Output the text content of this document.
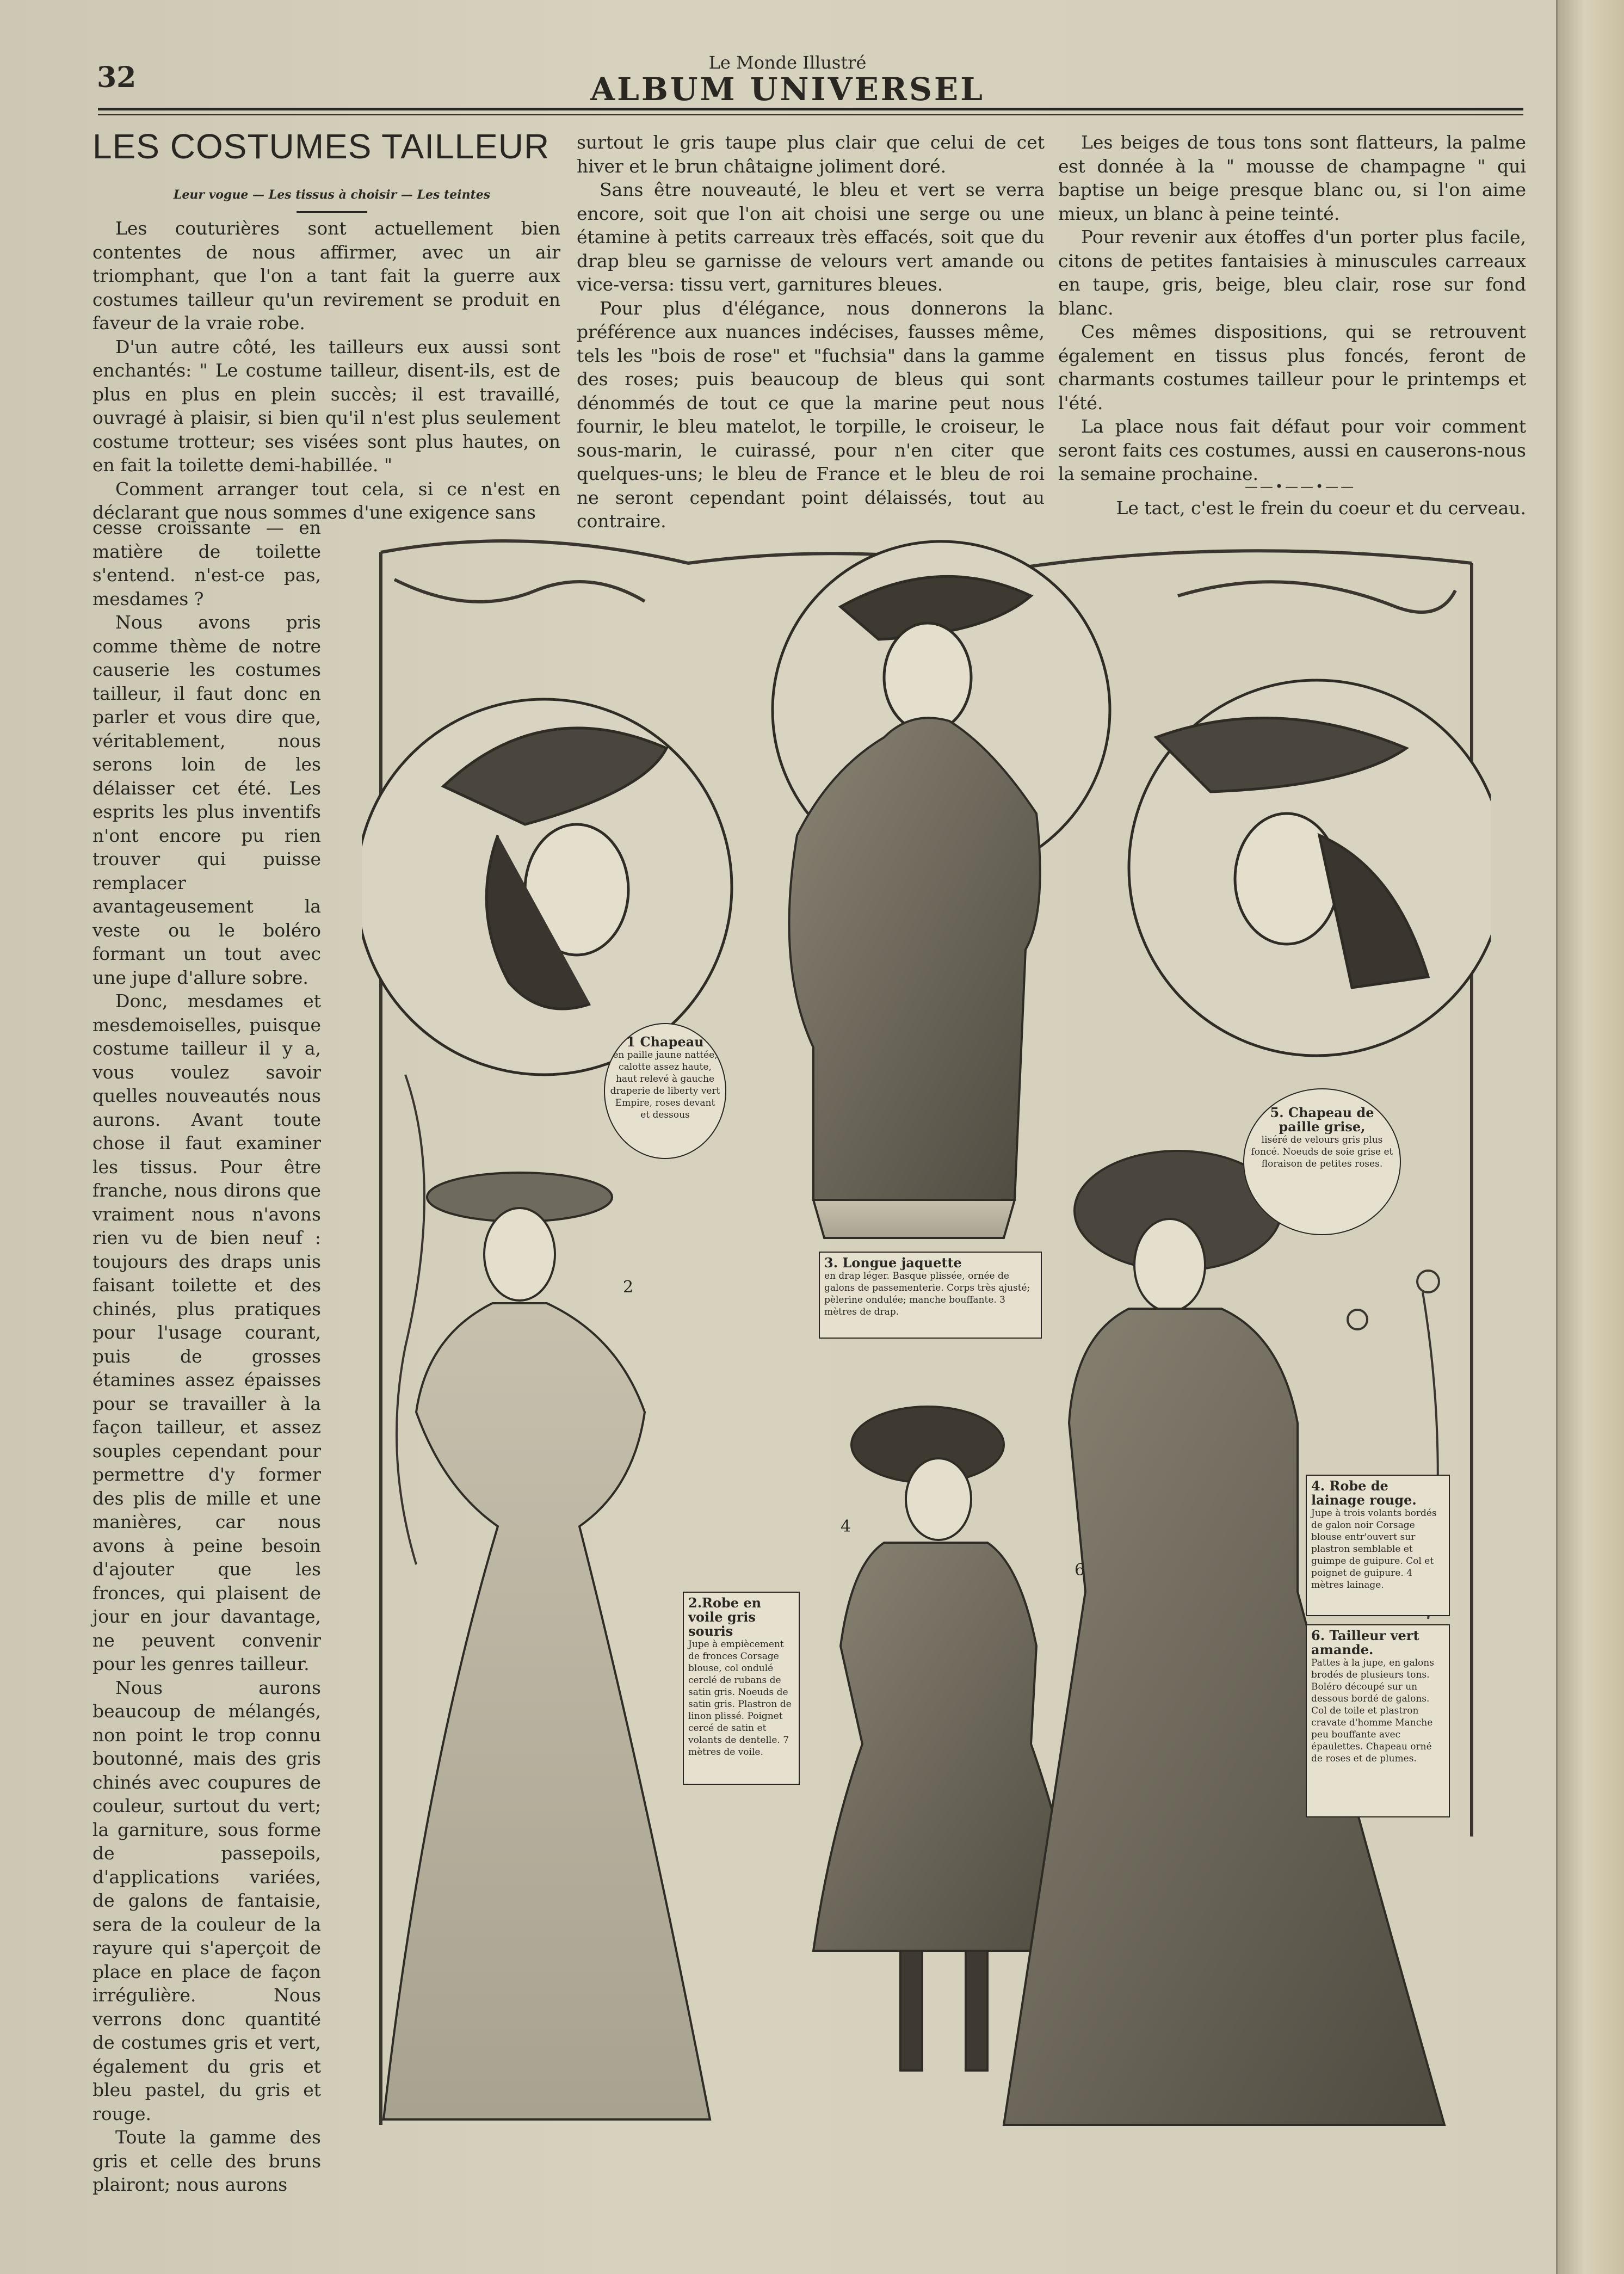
32	Le Monde Illustré
ALBUM UNIVERSEL
LES COSTUMES TAILLEUR
Leur vogue — Les tissus à choisir — Les teintes

Les couturières sont actuellement bien contentes de nous affirmer, avec un air triomphant, que l'on a tant fait la guerre aux costumes tailleur qu'un revirement se produit en faveur de la vraie robe.

D'un autre côté, les tailleurs eux aussi sont enchantés: " Le costume tailleur, disent-ils, est de plus en plus en plein succès; il est travaillé, ouvragé à plaisir, si bien qu'il n'est plus seulement costume trotteur; ses visées sont plus hautes, on en fait la toilette demi-habillée. "

Comment arranger tout cela, si ce n'est en déclarant que nous sommes d'une exigence sans

cesse croissante — en matière de toilette s'entend. n'est-ce pas, mesdames ?

Nous avons pris comme thème de notre causerie les costumes tailleur, il faut donc en parler et vous dire que, véritablement, nous serons loin de les délaisser cet été. Les esprits les plus inventifs n'ont encore pu rien trouver qui puisse remplacer avantageusement la veste ou le boléro formant un tout avec une jupe d'allure sobre.

Donc, mesdames et mesdemoiselles, puisque costume tailleur il y a, vous voulez savoir quelles nouveautés nous aurons. Avant toute chose il faut examiner les tissus. Pour être franche, nous dirons que vraiment nous n'avons rien vu de bien neuf : toujours des draps unis faisant toilette et des chinés, plus pratiques pour l'usage courant, puis de grosses étamines assez épaisses pour se travailler à la façon tailleur, et assez souples cependant pour permettre d'y former des plis de mille et une manières, car nous avons à peine besoin d'ajouter que les fronces, qui plaisent de jour en jour davantage, ne peuvent convenir pour les genres tailleur.

Nous aurons beaucoup de mélangés, non point le trop connu boutonné, mais des gris chinés avec coupures de couleur, surtout du vert; la garniture, sous forme de passepoils, d'applications variées, de galons de fantaisie, sera de la couleur de la rayure qui s'aperçoit de place en place de façon irrégulière. Nous verrons donc quantité de costumes gris et vert, également du gris et bleu pastel, du gris et rouge.

Toute la gamme des gris et celle des bruns plairont; nous aurons

surtout le gris taupe plus clair que celui de cet hiver et le brun châtaigne joliment doré.

Sans être nouveauté, le bleu et vert se verra encore, soit que l'on ait choisi une serge ou une étamine à petits carreaux très effacés, soit que du drap bleu se garnisse de velours vert amande ou vice-versa: tissu vert, garnitures bleues.

Pour plus d'élégance, nous donnerons la préférence aux nuances indécises, fausses même, tels les "bois de rose" et "fuchsia" dans la gamme des roses; puis beaucoup de bleus qui sont dénommés de tout ce que la marine peut nous fournir, le bleu matelot, le torpille, le croiseur, le sous-marin, le cuirassé, pour n'en citer que quelques-uns; le bleu de France et le bleu de roi ne seront cependant point délaissés, tout au contraire.

Les beiges de tous tons sont flatteurs, la palme est donnée à la " mousse de champagne " qui baptise un beige presque blanc ou, si l'on aime mieux, un blanc à peine teinté.

Pour revenir aux étoffes d'un porter plus facile, citons de petites fantaisies à minuscules carreaux en taupe, gris, beige, bleu clair, rose sur fond blanc.

Ces mêmes dispositions, qui se retrouvent également en tissus plus foncés, feront de charmants costumes tailleur pour le printemps et l'été.

La place nous fait défaut pour voir comment seront faits ces costumes, aussi en causerons-nous la semaine prochaine.

——•——•——
Le tact, c'est le frein du coeur et du cerveau.
2
4
6
1 Chapeau
en paille jaune nattée, calotte assez haute, haut relevé à gauche draperie de liberty vert Empire, roses devant et dessous	5. Chapeau de paille grise,
liséré de velours gris plus foncé. Noeuds de soie grise et floraison de petites roses.
3. Longue jaquette
en drap léger. Basque plissée, ornée de galons de passementerie. Corps très ajusté; pèlerine ondulée; manche bouffante. 3 mètres de drap.
2.Robe en voile gris souris
Jupe à empiècement de fronces Corsage blouse, col ondulé cerclé de rubans de satin gris. Noeuds de satin gris. Plastron de linon plissé. Poignet cercé de satin et volants de dentelle. 7 mètres de voile.
4. Robe de lainage rouge.
Jupe à trois volants bordés de galon noir Corsage blouse entr'ouvert sur plastron semblable et guimpe de guipure. Col et poignet de guipure. 4 mètres lainage.
6. Tailleur vert amande.
Pattes à la jupe, en galons brodés de plusieurs tons. Boléro découpé sur un dessous bordé de galons. Col de toile et plastron cravate d'homme Manche peu bouffante avec épaulettes. Chapeau orné de roses et de plumes.
